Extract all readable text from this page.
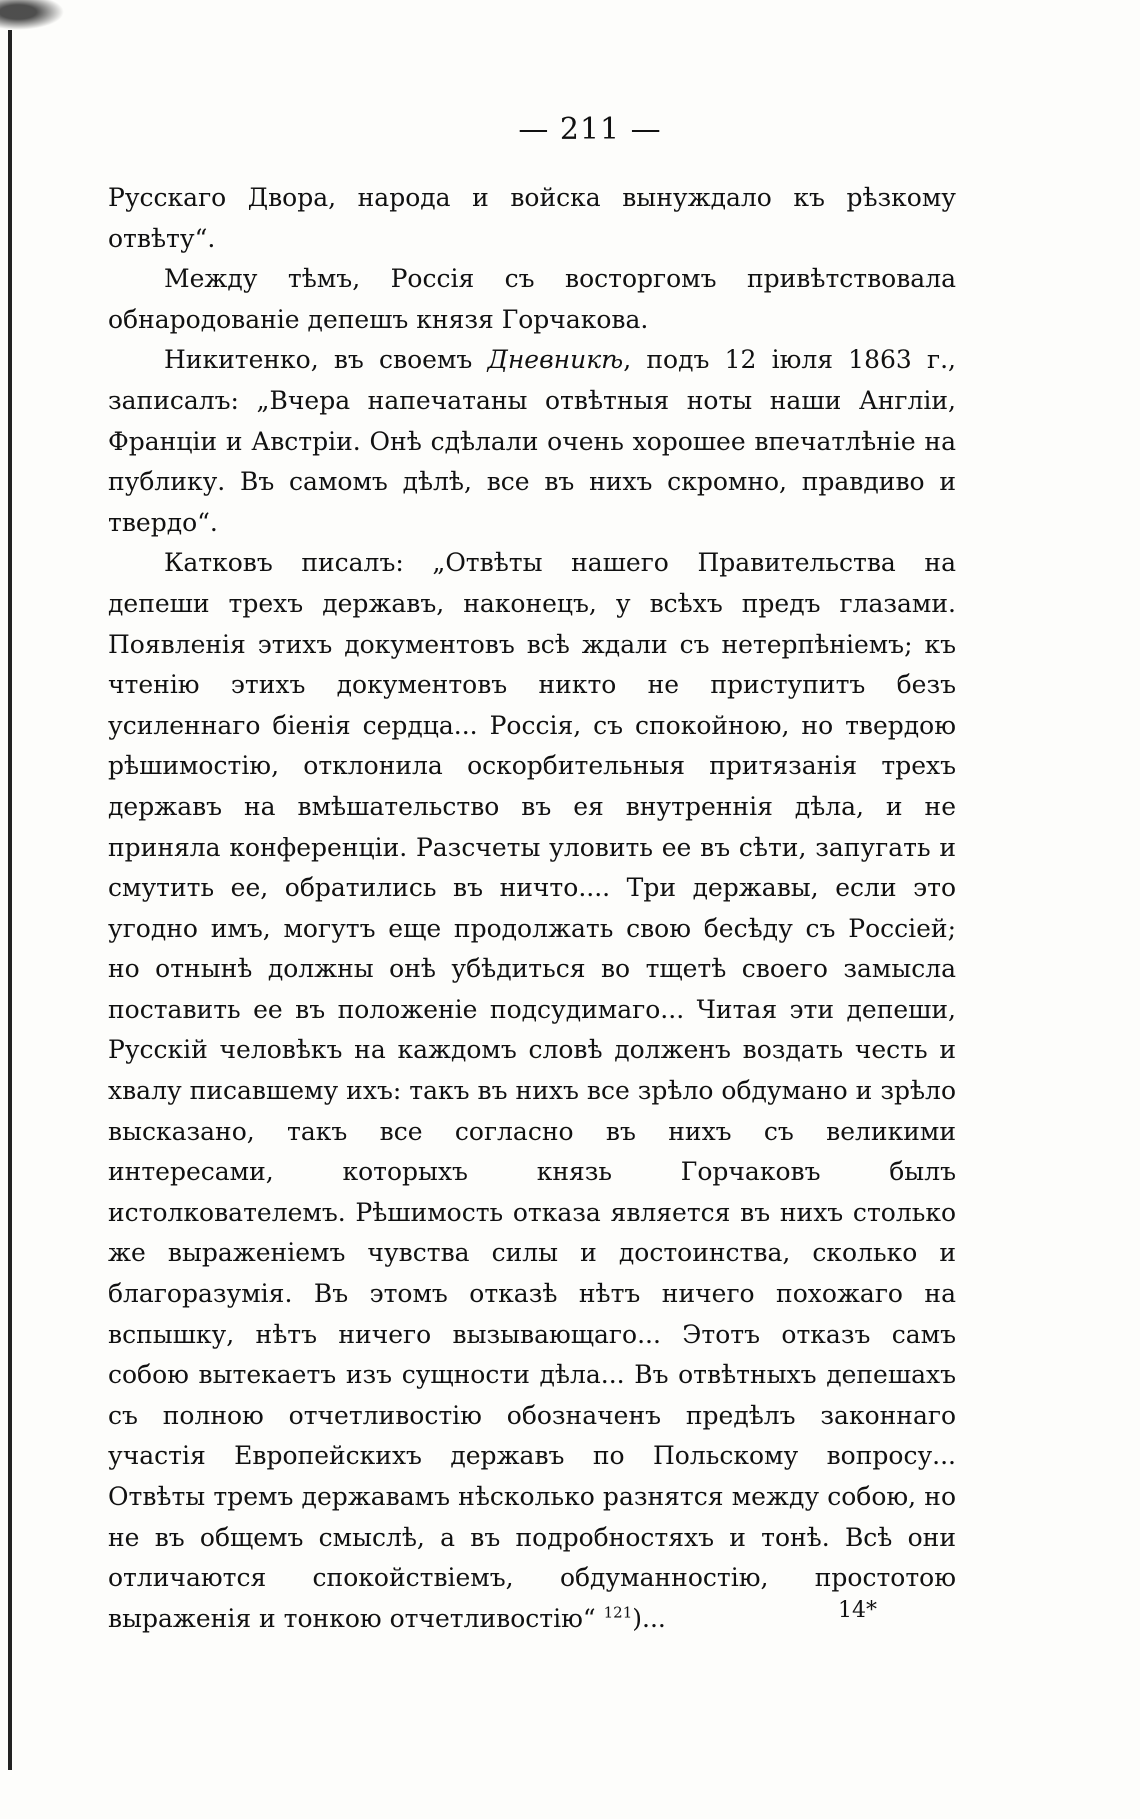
— 211 —

Русскаго Двора, народа и войска вынуждало къ рѣзкому отвѣту“.

Между тѣмъ, Россія съ восторгомъ привѣтствовала обнародованіе депешъ князя Горчакова.

Никитенко, въ своемъ Дневникѣ, подъ 12 іюля 1863 г., записалъ: „Вчера напечатаны отвѣтныя ноты наши Англіи, Франціи и Австріи. Онѣ сдѣлали очень хорошее впечатлѣніе на публику. Въ самомъ дѣлѣ, все въ нихъ скромно, правдиво и твердо“.

Катковъ писалъ: „Отвѣты нашего Правительства на депеши трехъ державъ, наконецъ, у всѣхъ предъ глазами. Появленія этихъ документовъ всѣ ждали съ нетерпѣніемъ; къ чтенію этихъ документовъ никто не приступитъ безъ усиленнаго біенія сердца... Россія, съ спокойною, но твердою рѣшимостію, отклонила оскорбительныя притязанія трехъ державъ на вмѣшательство въ ея внутреннія дѣла, и не приняла конференціи. Разсчеты уловить ее въ сѣти, запугать и смутить ее, обратились въ ничто.... Три державы, если это угодно имъ, могутъ еще продолжать свою бесѣду съ Россіей; но отнынѣ должны онѣ убѣдиться во тщетѣ своего замысла поставить ее въ положеніе подсудимаго... Читая эти депеши, Русскій человѣкъ на каждомъ словѣ долженъ воздать честь и хвалу писавшему ихъ: такъ въ нихъ все зрѣло обдумано и зрѣло высказано, такъ все согласно въ нихъ съ великими интересами, которыхъ князь Горчаковъ былъ истолкователемъ. Рѣшимость отказа является въ нихъ столько же выраженіемъ чувства силы и достоинства, сколько и благоразумія. Въ этомъ отказѣ нѣтъ ничего похожаго на вспышку, нѣтъ ничего вызывающаго... Этотъ отказъ самъ собою вытекаетъ изъ сущности дѣла... Въ отвѣтныхъ депешахъ съ полною отчетливостію обозначенъ предѣлъ законнаго участія Европейскихъ державъ по Польскому вопросу... Отвѣты тремъ державамъ нѣсколько разнятся между собою, но не въ общемъ смыслѣ, а въ подробностяхъ и тонѣ. Всѣ они отличаются спокойствіемъ, обдуманностію, простотою выраженія и тонкою отчетливостію“ $^{121}$)...	14*
